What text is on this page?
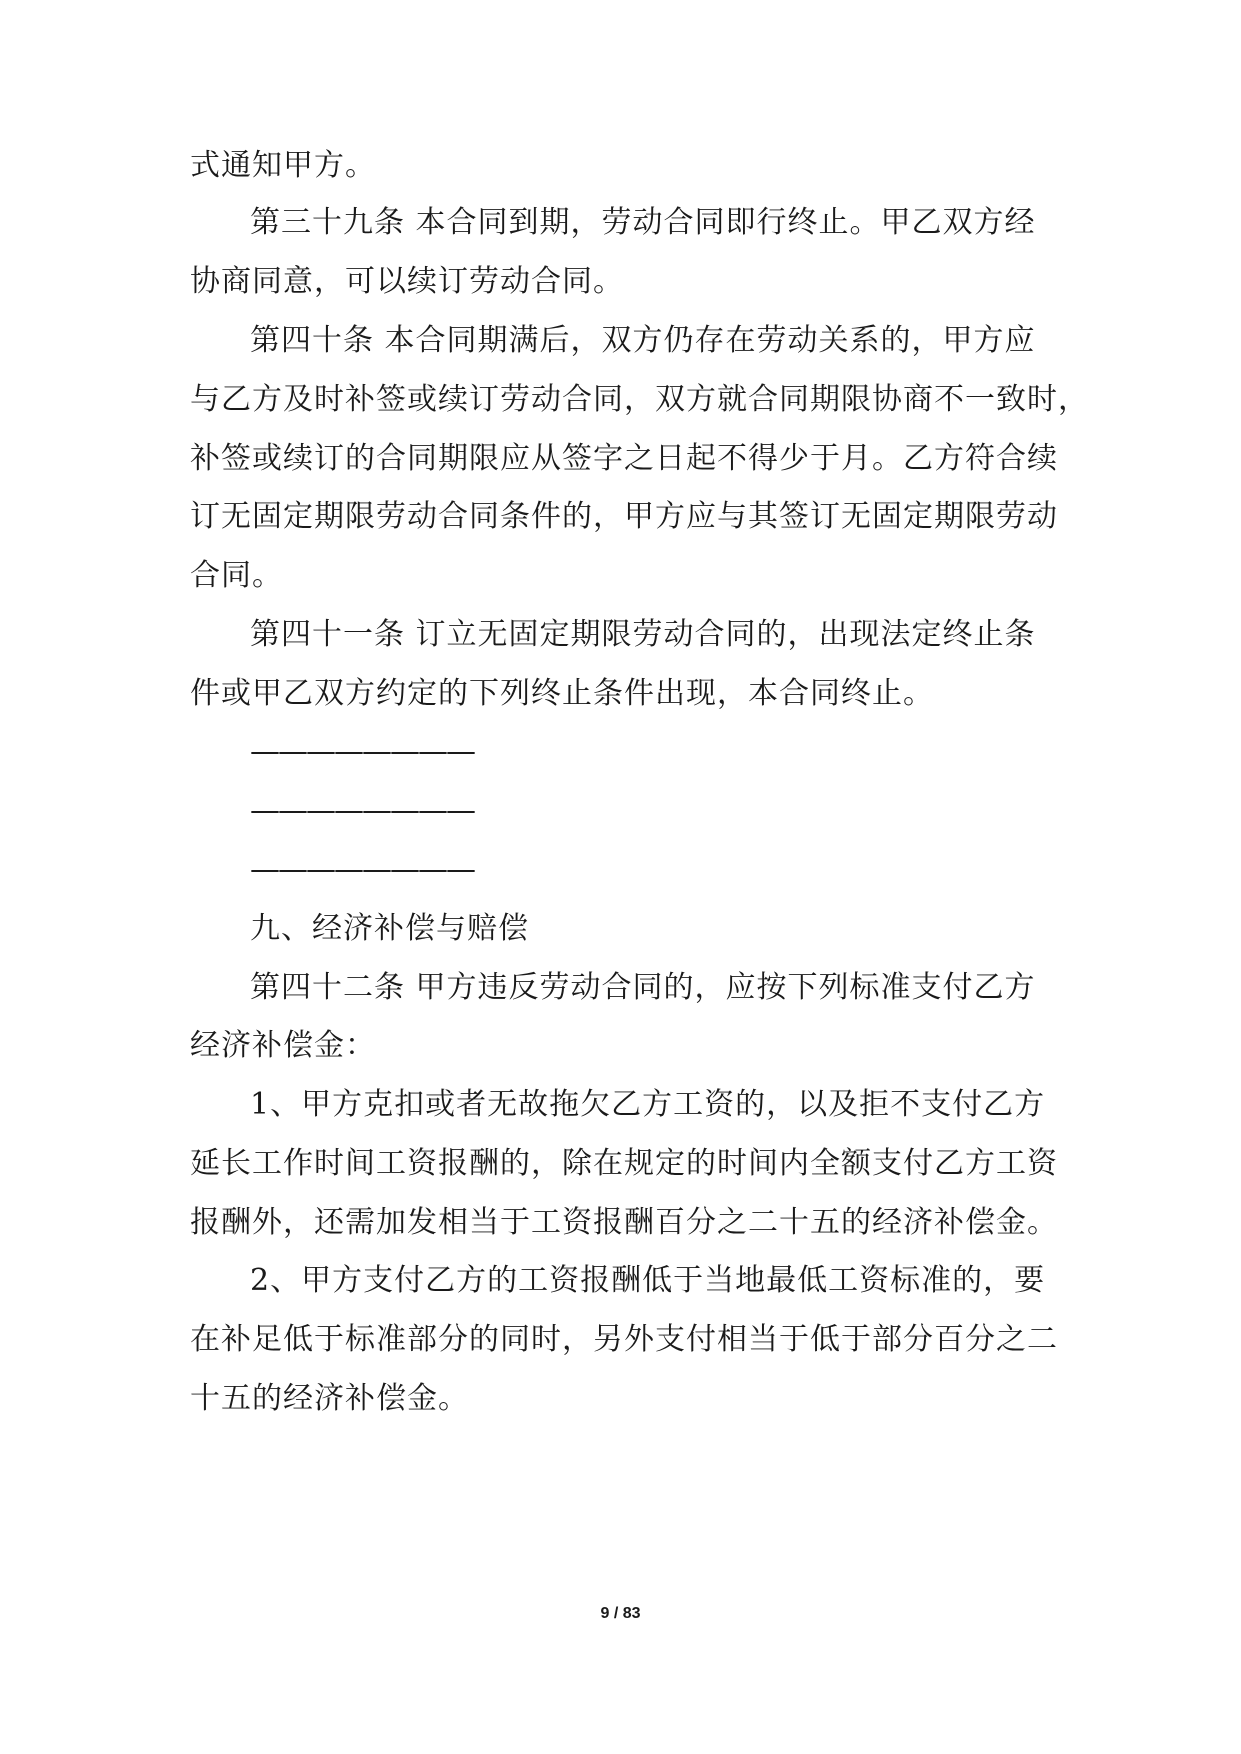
式通知甲方。
第三十九条 本合同到期，劳动合同即行终止。甲乙双方经
协商同意，可以续订劳动合同。
第四十条 本合同期满后，双方仍存在劳动关系的，甲方应
与乙方及时补签或续订劳动合同，双方就合同期限协商不一致时，
补签或续订的合同期限应从签字之日起不得少于月。乙方符合续
订无固定期限劳动合同条件的，甲方应与其签订无固定期限劳动
合同。
第四十一条 订立无固定期限劳动合同的，出现法定终止条
件或甲乙双方约定的下列终止条件出现，本合同终止。
————————
————————
————————
九、经济补偿与赔偿
第四十二条 甲方违反劳动合同的，应按下列标准支付乙方
经济补偿金：
1、甲方克扣或者无故拖欠乙方工资的，以及拒不支付乙方
延长工作时间工资报酬的，除在规定的时间内全额支付乙方工资
报酬外，还需加发相当于工资报酬百分之二十五的经济补偿金。
2、甲方支付乙方的工资报酬低于当地最低工资标准的，要
在补足低于标准部分的同时，另外支付相当于低于部分百分之二
十五的经济补偿金。
9 / 83
